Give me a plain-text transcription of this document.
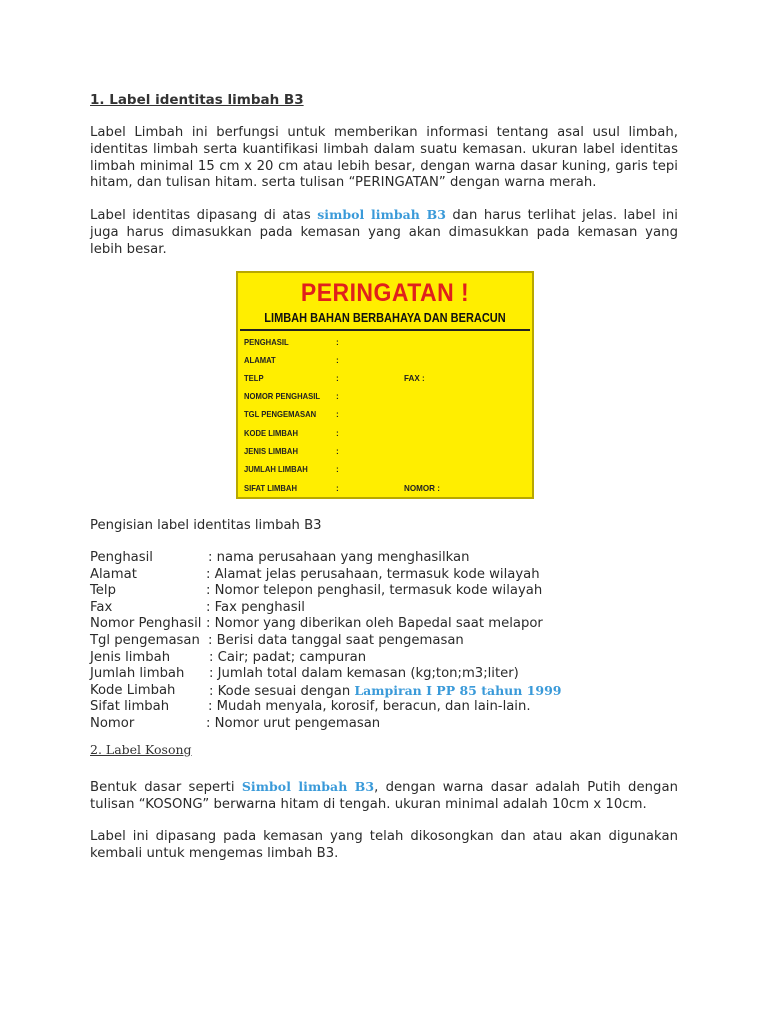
1. Label identitas limbah B3

Label Limbah ini berfungsi untuk memberikan informasi tentang asal usul limbah, identitas limbah serta kuantifikasi limbah dalam suatu kemasan. ukuran label identitas limbah minimal 15 cm x 20 cm atau lebih besar, dengan warna dasar kuning, garis tepi hitam, dan tulisan hitam. serta tulisan “PERINGATAN” dengan warna merah.

Label identitas dipasang di atas simbol limbah B3 dan harus terlihat jelas. label ini juga harus dimasukkan pada kemasan yang akan dimasukkan pada kemasan yang lebih besar.

PERINGATAN !
LIMBAH BAHAN BERBAHAYA DAN BERACUN
PENGHASIL	:
ALAMAT	:
TELP	:	FAX :
NOMOR PENGHASIL :
TGL PENGEMASAN :
KODE LIMBAH	:
JENIS LIMBAH	:
JUMLAH LIMBAH	:
SIFAT LIMBAH	:	NOMOR :

Pengisian label identitas limbah B3

Penghasil	: nama perusahaan yang menghasilkan
Alamat	: Alamat jelas perusahaan, termasuk kode wilayah
Telp	: Nomor telepon penghasil, termasuk kode wilayah
Fax	: Fax penghasil
Nomor Penghasil : Nomor yang diberikan oleh Bapedal saat melapor
Tgl pengemasan : Berisi data tanggal saat pengemasan
Jenis limbah	: Cair; padat; campuran
Jumlah limbah : Jumlah total dalam kemasan (kg;ton;m3;liter)
Kode Limbah	: Kode sesuai dengan Lampiran I PP 85 tahun 1999
Sifat limbah	: Mudah menyala, korosif, beracun, dan lain-lain.
Nomor	: Nomor urut pengemasan
2. Label Kosong

Bentuk dasar seperti Simbol limbah B3, dengan warna dasar adalah Putih dengan tulisan “KOSONG” berwarna hitam di tengah. ukuran minimal adalah 10cm x 10cm.

Label ini dipasang pada kemasan yang telah dikosongkan dan atau akan digunakan kembali untuk mengemas limbah B3.
